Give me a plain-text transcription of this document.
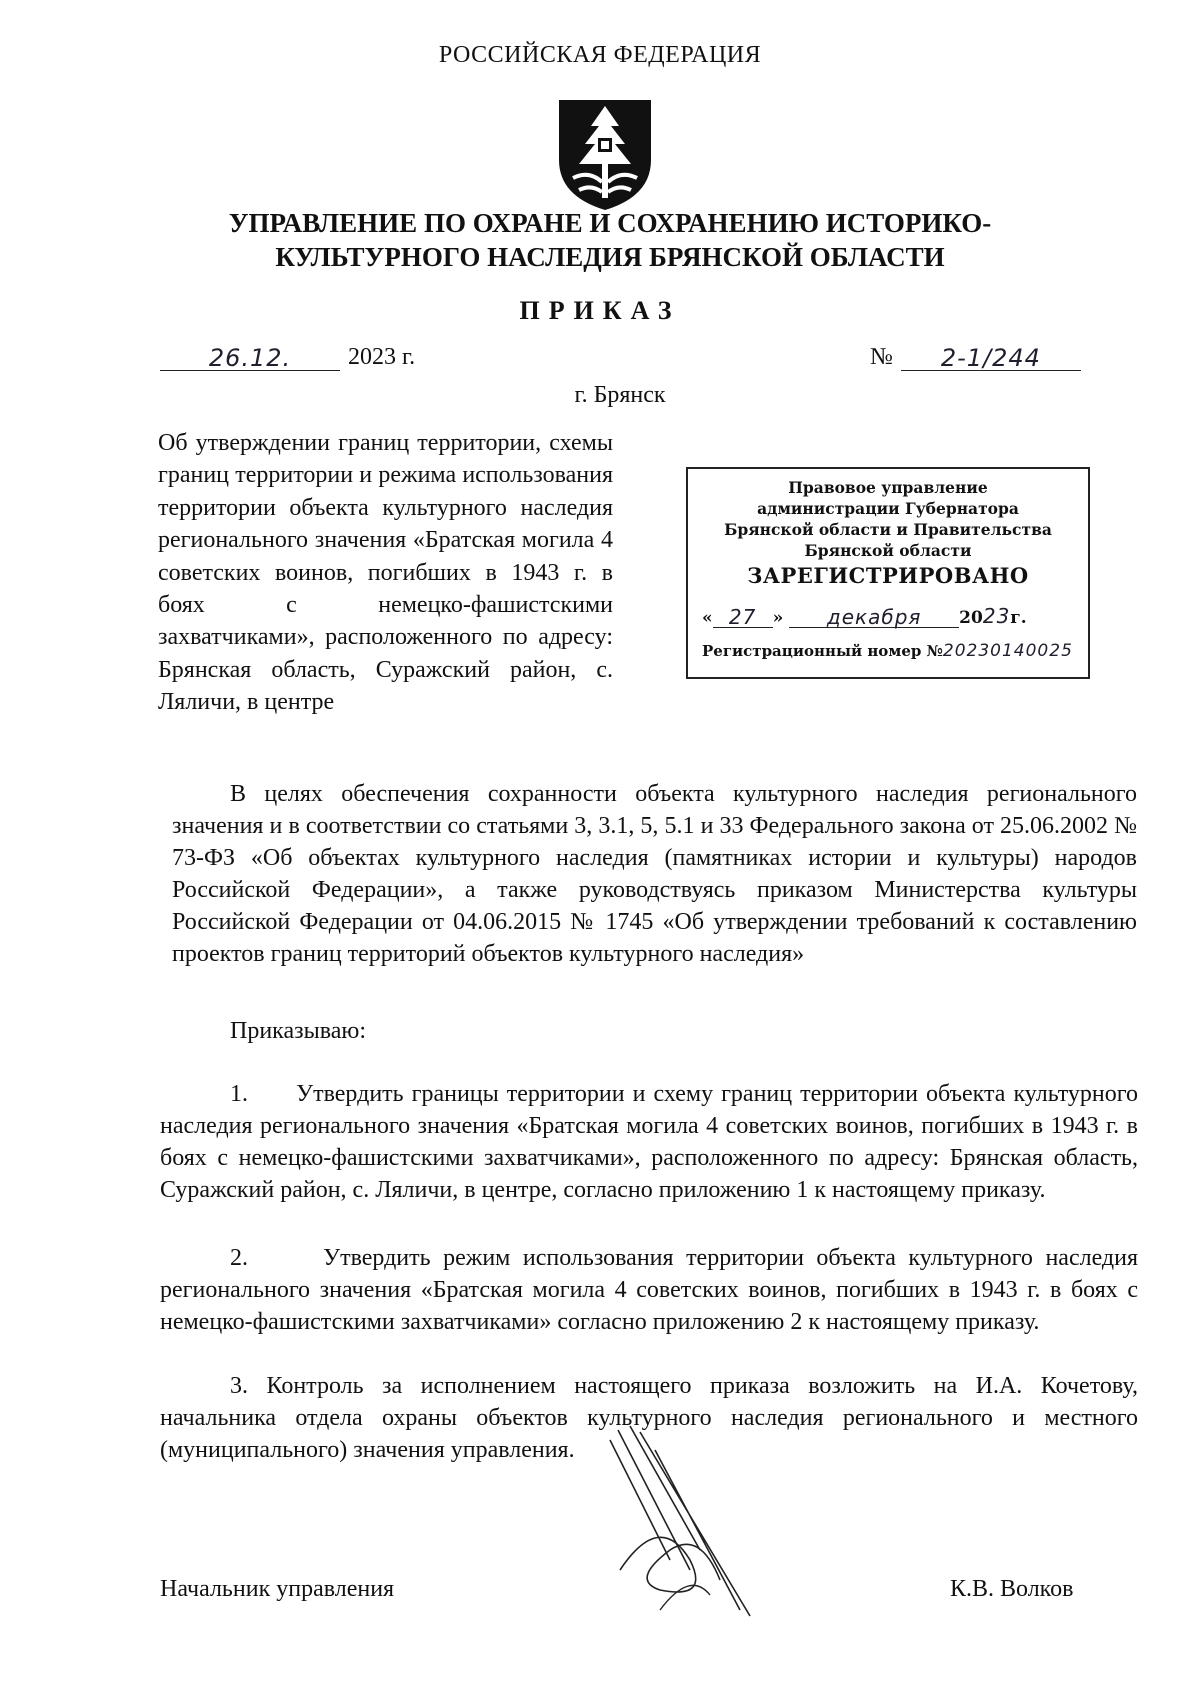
РОССИЙСКАЯ ФЕДЕРАЦИЯ
УПРАВЛЕНИЕ ПО ОХРАНЕ И СОХРАНЕНИЮ ИСТОРИКО-КУЛЬТУРНОГО НАСЛЕДИЯ БРЯНСКОЙ ОБЛАСТИ
ПРИКАЗ
26.12. 2023 г.	№ 2-1/244
г. Брянск
Об утверждении границ территории, схемы границ территории и режима использования территории объекта культурного наследия регионального значения «Братская могила 4 советских воинов, погибших в 1943 г. в боях с немецко-фашистскими захватчиками», расположенного по адресу: Брянская область, Суражский район, с. Ляличи, в центре
Правовое управление
администрации Губернатора
Брянской области и Правительства
Брянской области
ЗАРЕГИСТРИРОВАНО
« 27 » декабря 2023г.
Регистрационный номер №20230140025
В целях обеспечения сохранности объекта культурного наследия регионального значения и в соответствии со статьями 3, 3.1, 5, 5.1 и 33 Федерального закона от 25.06.2002 № 73-ФЗ «Об объектах культурного наследия (памятниках истории и культуры) народов Российской Федерации», а также руководствуясь приказом Министерства культуры Российской Федерации от 04.06.2015 № 1745 «Об утверждении требований к составлению проектов границ территорий объектов культурного наследия»
Приказываю:
1.      Утвердить границы территории и схему границ территории объекта культурного наследия регионального значения «Братская могила 4 советских воинов, погибших в 1943 г. в боях с немецко-фашистскими захватчиками», расположенного по адресу: Брянская область, Суражский район, с. Ляличи, в центре, согласно приложению 1 к настоящему приказу.
2.      Утвердить режим использования территории объекта культурного наследия регионального значения «Братская могила 4 советских воинов, погибших в 1943 г. в боях с немецко-фашистскими захватчиками» согласно приложению 2 к настоящему приказу.
3. Контроль за исполнением настоящего приказа возложить на И.А. Кочетову, начальника отдела охраны объектов культурного наследия регионального и местного (муниципального) значения управления.
Начальник управления	К.В. Волков
